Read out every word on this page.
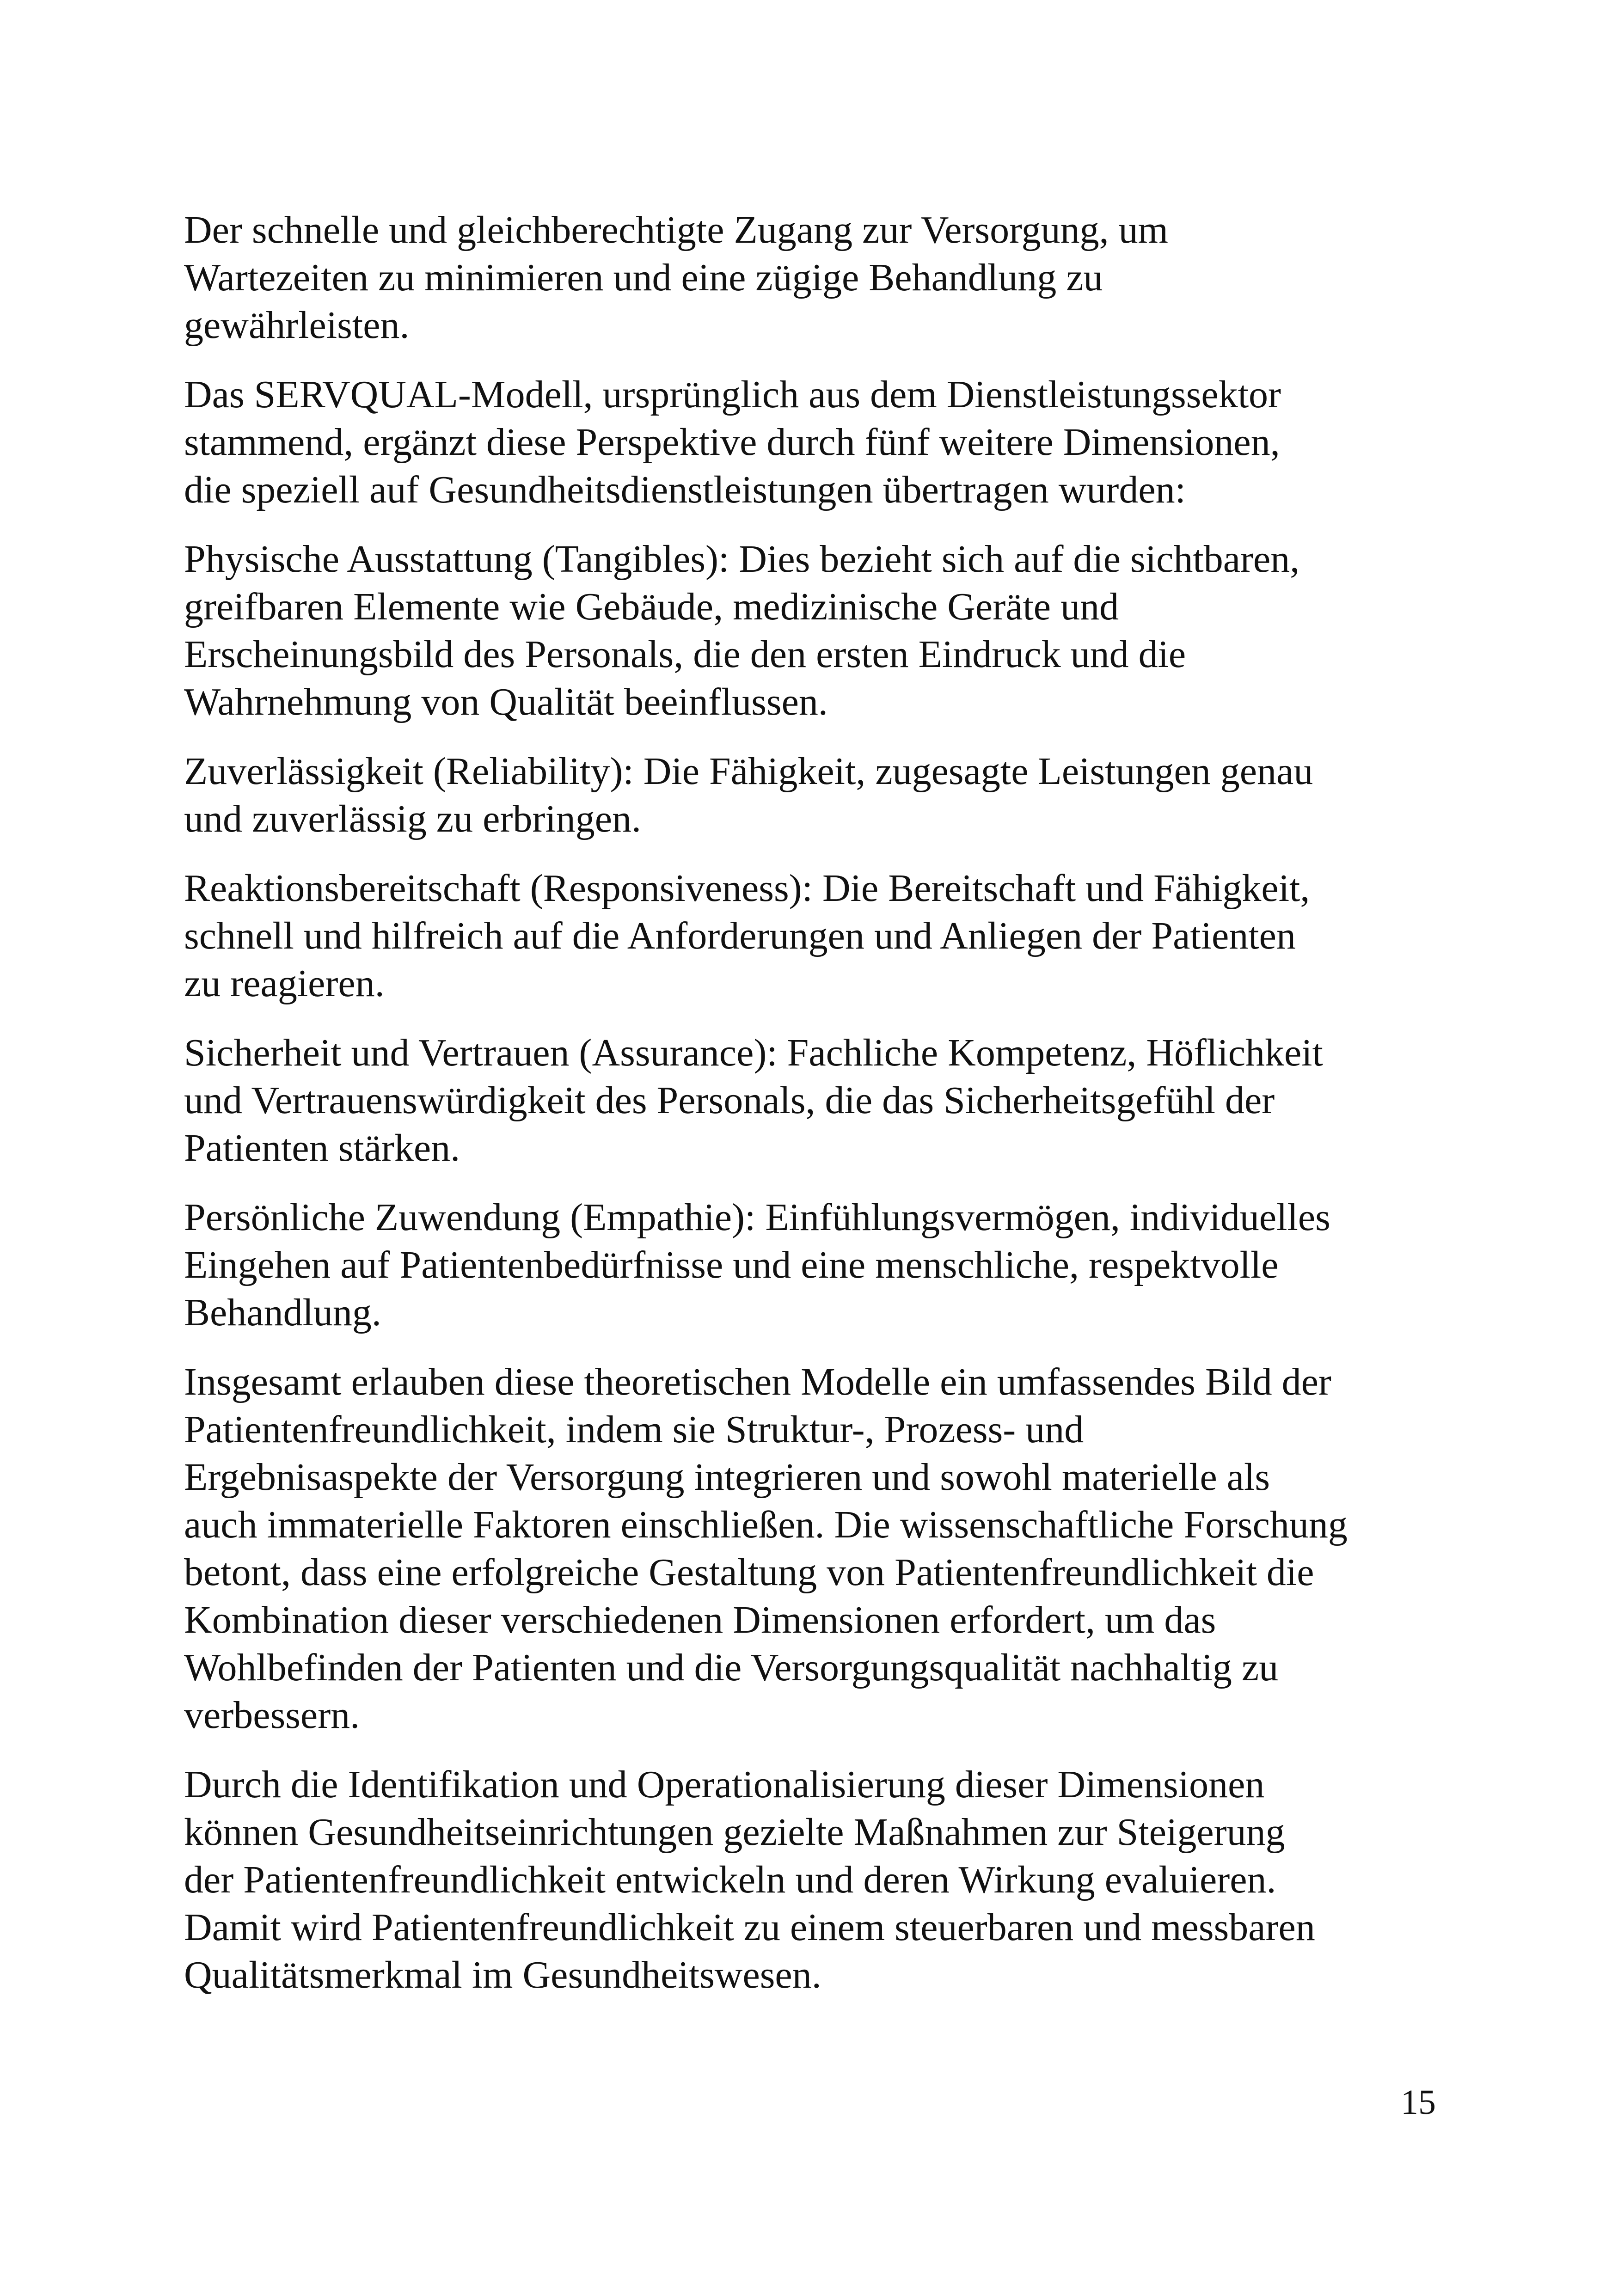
Der schnelle und gleichberechtigte Zugang zur Versorgung, um
Wartezeiten zu minimieren und eine zügige Behandlung zu
gewährleisten.

Das SERVQUAL-Modell, ursprünglich aus dem Dienstleistungssektor
stammend, ergänzt diese Perspektive durch fünf weitere Dimensionen,
die speziell auf Gesundheitsdienstleistungen übertragen wurden:

Physische Ausstattung (Tangibles): Dies bezieht sich auf die sichtbaren,
greifbaren Elemente wie Gebäude, medizinische Geräte und
Erscheinungsbild des Personals, die den ersten Eindruck und die
Wahrnehmung von Qualität beeinflussen.

Zuverlässigkeit (Reliability): Die Fähigkeit, zugesagte Leistungen genau
und zuverlässig zu erbringen.

Reaktionsbereitschaft (Responsiveness): Die Bereitschaft und Fähigkeit,
schnell und hilfreich auf die Anforderungen und Anliegen der Patienten
zu reagieren.

Sicherheit und Vertrauen (Assurance): Fachliche Kompetenz, Höflichkeit
und Vertrauenswürdigkeit des Personals, die das Sicherheitsgefühl der
Patienten stärken.

Persönliche Zuwendung (Empathie): Einfühlungsvermögen, individuelles
Eingehen auf Patientenbedürfnisse und eine menschliche, respektvolle
Behandlung.

Insgesamt erlauben diese theoretischen Modelle ein umfassendes Bild der
Patientenfreundlichkeit, indem sie Struktur-, Prozess- und
Ergebnisaspekte der Versorgung integrieren und sowohl materielle als
auch immaterielle Faktoren einschließen. Die wissenschaftliche Forschung
betont, dass eine erfolgreiche Gestaltung von Patientenfreundlichkeit die
Kombination dieser verschiedenen Dimensionen erfordert, um das
Wohlbefinden der Patienten und die Versorgungsqualität nachhaltig zu
verbessern.

Durch die Identifikation und Operationalisierung dieser Dimensionen
können Gesundheitseinrichtungen gezielte Maßnahmen zur Steigerung
der Patientenfreundlichkeit entwickeln und deren Wirkung evaluieren.
Damit wird Patientenfreundlichkeit zu einem steuerbaren und messbaren
Qualitätsmerkmal im Gesundheitswesen.

15
